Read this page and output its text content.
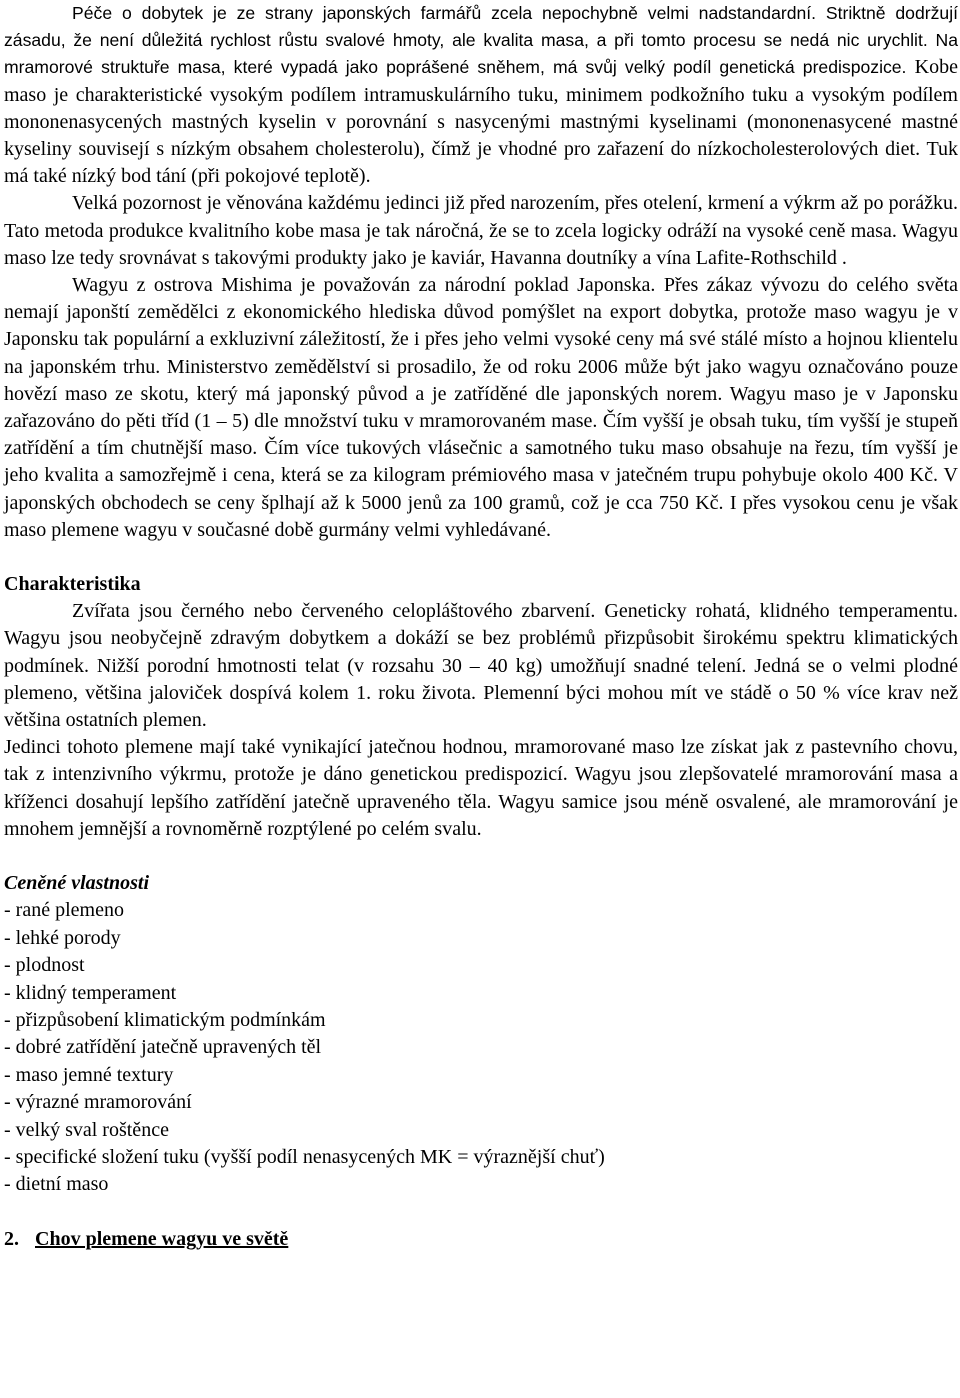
Péče o dobytek je ze strany japonských farmářů zcela nepochybně velmi nadstandardní. Striktně dodržují zásadu, že není důležitá rychlost růstu svalové hmoty, ale kvalita masa, a při tomto procesu se nedá nic urychlit. Na mramorové struktuře masa, které vypadá jako poprášené sněhem, má svůj velký podíl genetická predispozice. Kobe maso je charakteristické vysokým podílem intramuskulárního tuku, minimem podkožního tuku a vysokým podílem mononenasycených mastných kyselin v porovnání s nasycenými mastnými kyselinami (mononenasycené mastné kyseliny souvisejí s nízkým obsahem cholesterolu), čímž je vhodné pro zařazení do nízkocholesterolových diet. Tuk má také nízký bod tání (při pokojové teplotě).

Velká pozornost je věnována každému jedinci již před narozením, přes otelení, krmení a výkrm až po porážku. Tato metoda produkce kvalitního kobe masa je tak náročná, že se to zcela logicky odráží na vysoké ceně masa. Wagyu maso lze tedy srovnávat s takovými produkty jako je kaviár, Havanna doutníky a vína Lafite-Rothschild .

Wagyu z ostrova Mishima je považován za národní poklad Japonska. Přes zákaz vývozu do celého světa nemají japonští zemědělci z ekonomického hlediska důvod pomýšlet na export dobytka, protože maso wagyu je v Japonsku tak populární a exkluzivní záležitostí, že i přes jeho velmi vysoké ceny má své stálé místo a hojnou klientelu na japonském trhu. Ministerstvo zemědělství si prosadilo, že od roku 2006 může být jako wagyu označováno pouze hovězí maso ze skotu, který má japonský původ a je zatříděné dle japonských norem. Wagyu maso je v Japonsku zařazováno do pěti tříd (1 – 5) dle množství tuku v mramorovaném mase. Čím vyšší je obsah tuku, tím vyšší je stupeň zatřídění a tím chutnější maso. Čím více tukových vlásečnic a samotného tuku maso obsahuje na řezu, tím vyšší je jeho kvalita a samozřejmě i cena, která se za kilogram prémiového masa v jatečném trupu pohybuje okolo 400 Kč. V japonských obchodech se ceny šplhají až k 5000 jenů za 100 gramů, což je cca 750 Kč. I přes vysokou cenu je však maso plemene wagyu v současné době gurmány velmi vyhledávané.

Charakteristika

Zvířata jsou černého nebo červeného celopláštového zbarvení. Geneticky rohatá, klidného temperamentu. Wagyu jsou neobyčejně zdravým dobytkem a dokáží se bez problémů přizpůsobit širokému spektru klimatických podmínek. Nižší porodní hmotnosti telat (v rozsahu 30 – 40 kg) umožňují snadné telení. Jedná se o velmi plodné plemeno, většina jaloviček dospívá kolem 1. roku života. Plemenní býci mohou mít ve stádě o 50 % více krav než většina ostatních plemen.

Jedinci tohoto plemene mají také vynikající jatečnou hodnou, mramorované maso lze získat jak z pastevního chovu, tak z intenzivního výkrmu, protože je dáno genetickou predispozicí. Wagyu jsou zlepšovatelé mramorování masa a kříženci dosahují lepšího zatřídění jatečně upraveného těla. Wagyu samice jsou méně osvalené, ale mramorování je mnohem jemnější a rovnoměrně rozptýlené po celém svalu.

Ceněné vlastnosti
- rané plemeno
- lehké porody
- plodnost
- klidný temperament
- přizpůsobení klimatickým podmínkám
- dobré zatřídění jatečně upravených těl
- maso jemné textury
- výrazné mramorování
- velký sval roštěnce
- specifické složení tuku (vyšší podíl nenasycených MK = výraznější chuť)
- dietní maso
2. Chov plemene wagyu ve světě
